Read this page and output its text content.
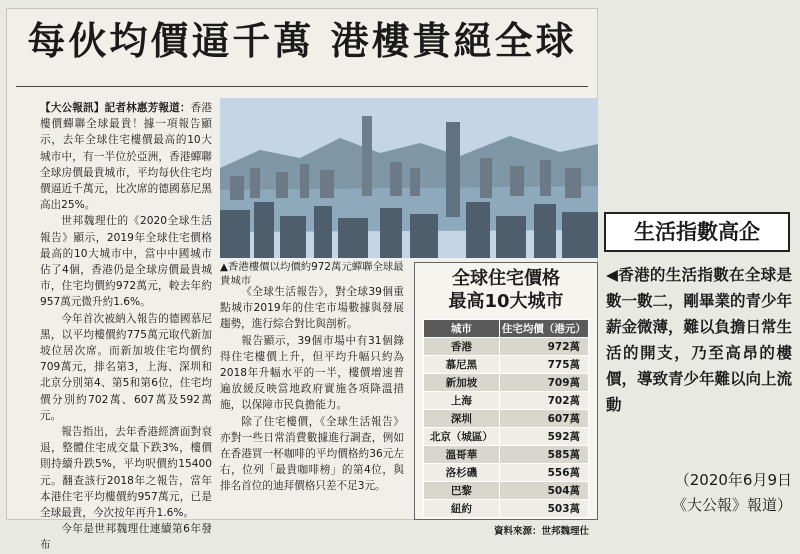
每伙均價逼千萬 港樓貴絕全球

【大公報訊】記者林惠芳報道：香港樓價蟬聯全球最貴！據一項報告顯示，去年全球住宅樓價最高的10大城市中，有一半位於亞洲，香港蟬聯全球房價最貴城市，平均每伙住宅均價逼近千萬元，比次席的德國慕尼黑高出25%。

世邦魏理仕的《2020全球生活報告》顯示，2019年全球住宅價格最高的10大城市中，當中中國城市佔了4個，香港仍是全球房價最貴城市，住宅均價約972萬元，較去年約957萬元微升約1.6%。

今年首次被納入報告的德國慕尼黑，以平均樓價約775萬元取代新加坡位居次席。而新加坡住宅均價約709萬元，排名第3，上海、深圳和北京分別第4、第5和第6位，住宅均價分別約702萬、607萬及592萬元。

報告指出，去年香港經濟面對衰退，整體住宅成交量下跌3%，樓價則持續升跌5%，平均呎價約15400元。翻查該行2018年之報告，當年本港住宅平均樓價約957萬元，已是全球最貴，今次按年再升1.6%。

今年是世邦魏理仕連續第6年發布

▲香港樓價以均價約972萬元蟬聯全球最貴城市

《全球生活報告》，對全球39個重點城市2019年的住宅市場數據與發展趨勢，進行綜合對比與剖析。

報告顯示，39個市場中有31個錄得住宅樓價上升，但平均升幅只約為2018年升幅水平的一半，樓價增速普遍放緩反映當地政府實施各項降溫措施，以保障市民負擔能力。

除了住宅樓價，《全球生活報告》亦對一些日常消費數據進行調查，例如在香港買一杯咖啡的平均價格約36元左右，位列「最貴咖啡榜」的第4位，與排名首位的迪拜價格只差不足3元。

全球住宅價格
最高10大城市
城市	住宅均價（港元）
香港	972萬
慕尼黑	775萬
新加坡	709萬
上海	702萬
深圳	607萬
北京（城區）	592萬
溫哥華	585萬
洛杉磯	556萬
巴黎	504萬
紐約	503萬
資料來源：世邦魏理仕
生活指數高企
◀香港的生活指數在全球是數一數二，剛畢業的青少年薪金微薄，難以負擔日常生活的開支，乃至高昂的樓價，導致青少年難以向上流動
（2020年6月9日
《大公報》報道）
